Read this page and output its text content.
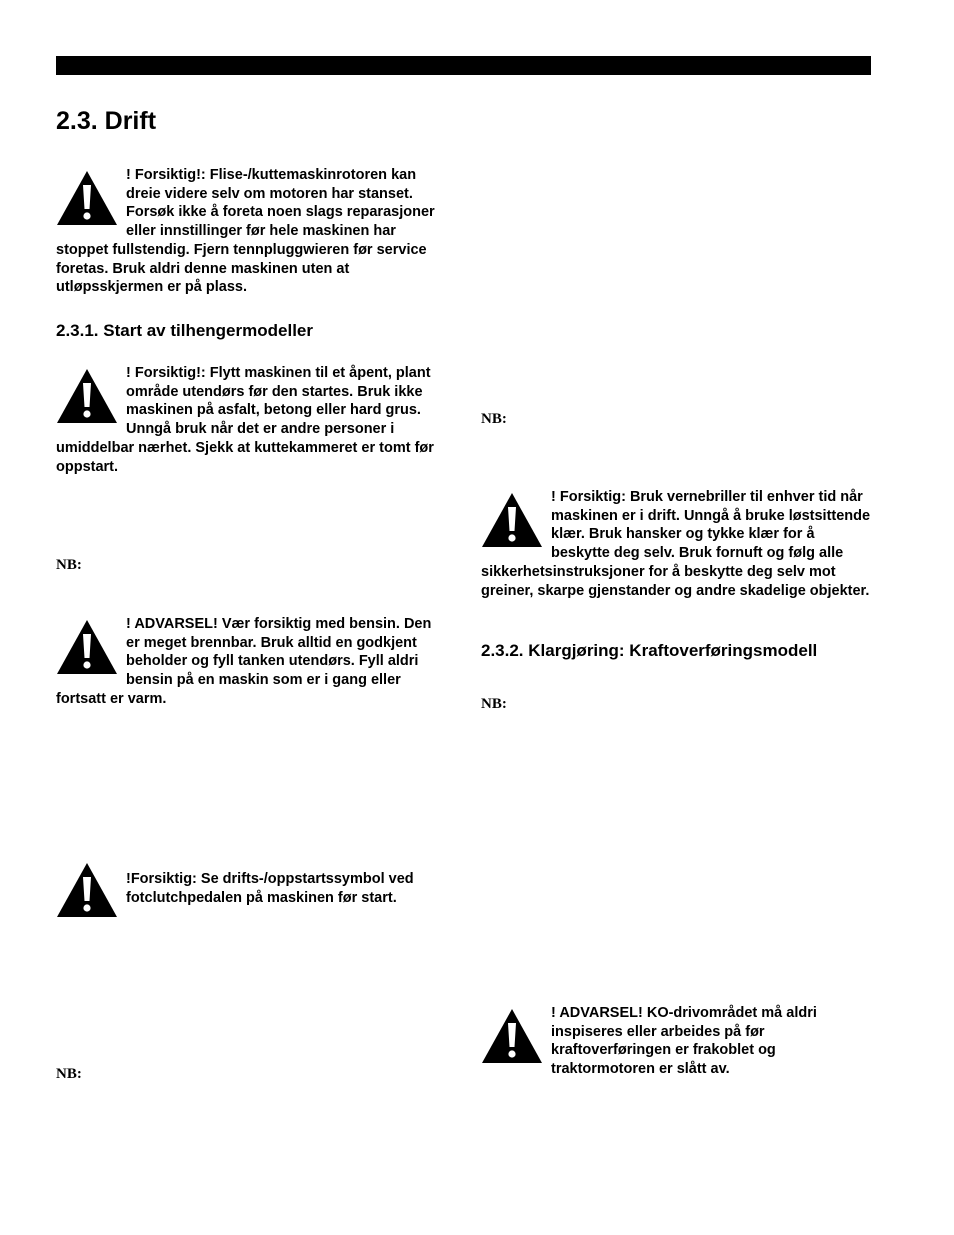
2.3. Drift

! Forsiktig!: Flise-/kuttemaskinrotoren kan dreie videre selv om motoren har stanset. Forsøk ikke å foreta noen slags reparasjoner eller innstillinger før hele maskinen har stoppet fullstendig. Fjern tennpluggwieren før service foretas. Bruk aldri denne maskinen uten at utløpsskjermen er på plass.

2.3.1. Start av tilhengermodeller

! Forsiktig!: Flytt maskinen til et åpent, plant område utendørs før den startes. Bruk ikke maskinen på asfalt, betong eller hard grus. Unngå bruk når det er andre personer i umiddelbar nærhet. Sjekk at kuttekammeret er tomt før oppstart.

NB:

! ADVARSEL! Vær forsiktig med bensin. Den er meget brennbar. Bruk alltid en godkjent beholder og fyll tanken utendørs. Fyll aldri bensin på en maskin som er i gang eller fortsatt er varm.

!Forsiktig: Se drifts-/oppstartssymbol ved fotclutchpedalen på maskinen før start.

NB:
NB:

! Forsiktig: Bruk vernebriller til enhver tid når maskinen er i drift. Unngå å bruke løstsittende klær. Bruk hansker og tykke klær for å beskytte deg selv. Bruk fornuft og følg alle sikkerhetsinstruksjoner for å beskytte deg selv mot greiner, skarpe gjenstander og andre skadelige objekter.

2.3.2. Klargjøring: Kraftoverføringsmodell
NB:

! ADVARSEL! KO-drivområdet må aldri inspiseres eller arbeides på før kraftoverføringen er frakoblet og traktormotoren er slått av.
